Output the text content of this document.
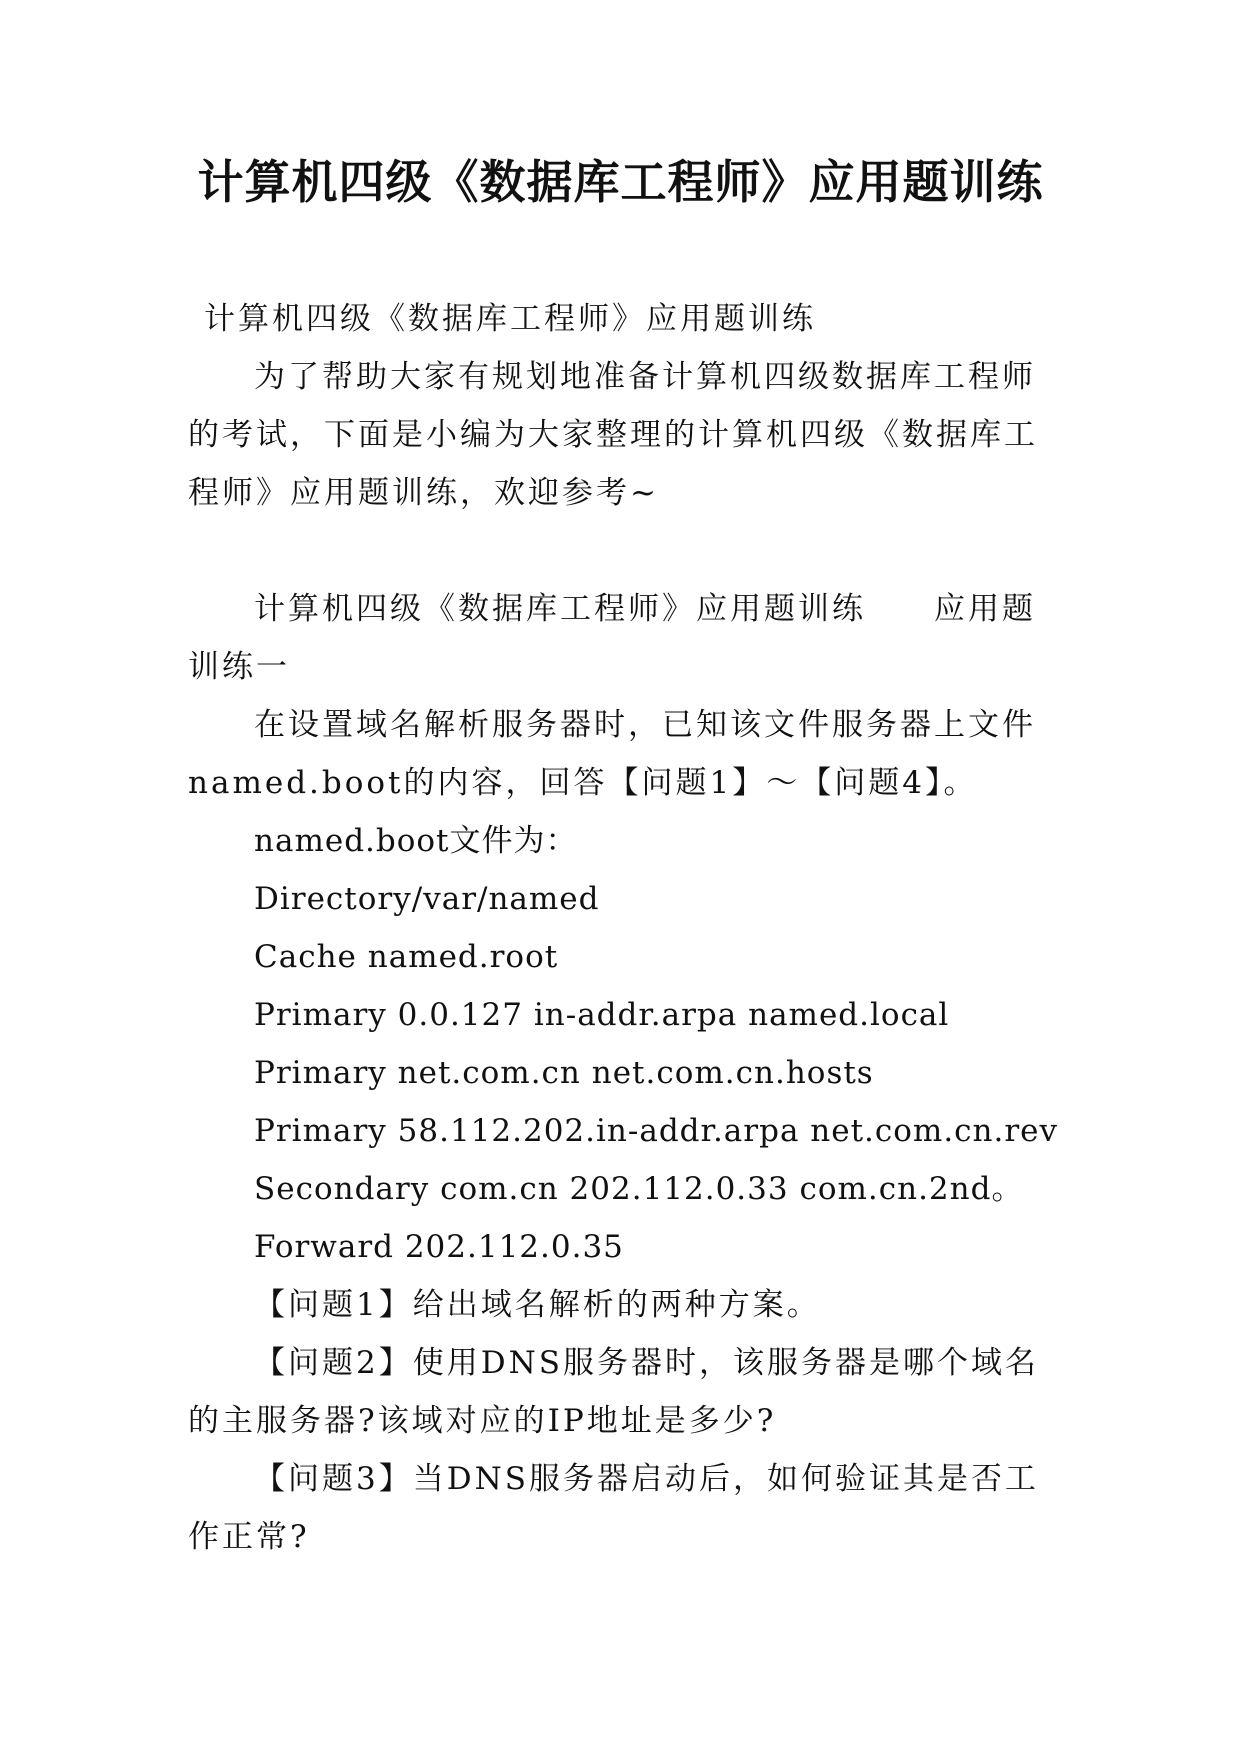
计算机四级《数据库工程师》应用题训练

计算机四级《数据库工程师》应用题训练

为了帮助大家有规划地准备计算机四级数据库工程师的考试，下面是小编为大家整理的计算机四级《数据库工程师》应用题训练，欢迎参考~

计算机四级《数据库工程师》应用题训练　　应用题训练一

在设置域名解析服务器时，已知该文件服务器上文件named.boot的内容，回答【问题1】～【问题4】。

named.boot文件为：

Directory/var/named

Cache named.root

Primary 0.0.127 in-addr.arpa named.local

Primary net.com.cn net.com.cn.hosts

Primary 58.112.202.in-addr.arpa net.com.cn.rev

Secondary com.cn 202.112.0.33 com.cn.2nd。

Forward 202.112.0.35

【问题1】给出域名解析的两种方案。

【问题2】使用DNS服务器时，该服务器是哪个域名的主服务器?该域对应的IP地址是多少?

【问题3】当DNS服务器启动后，如何验证其是否工作正常?
